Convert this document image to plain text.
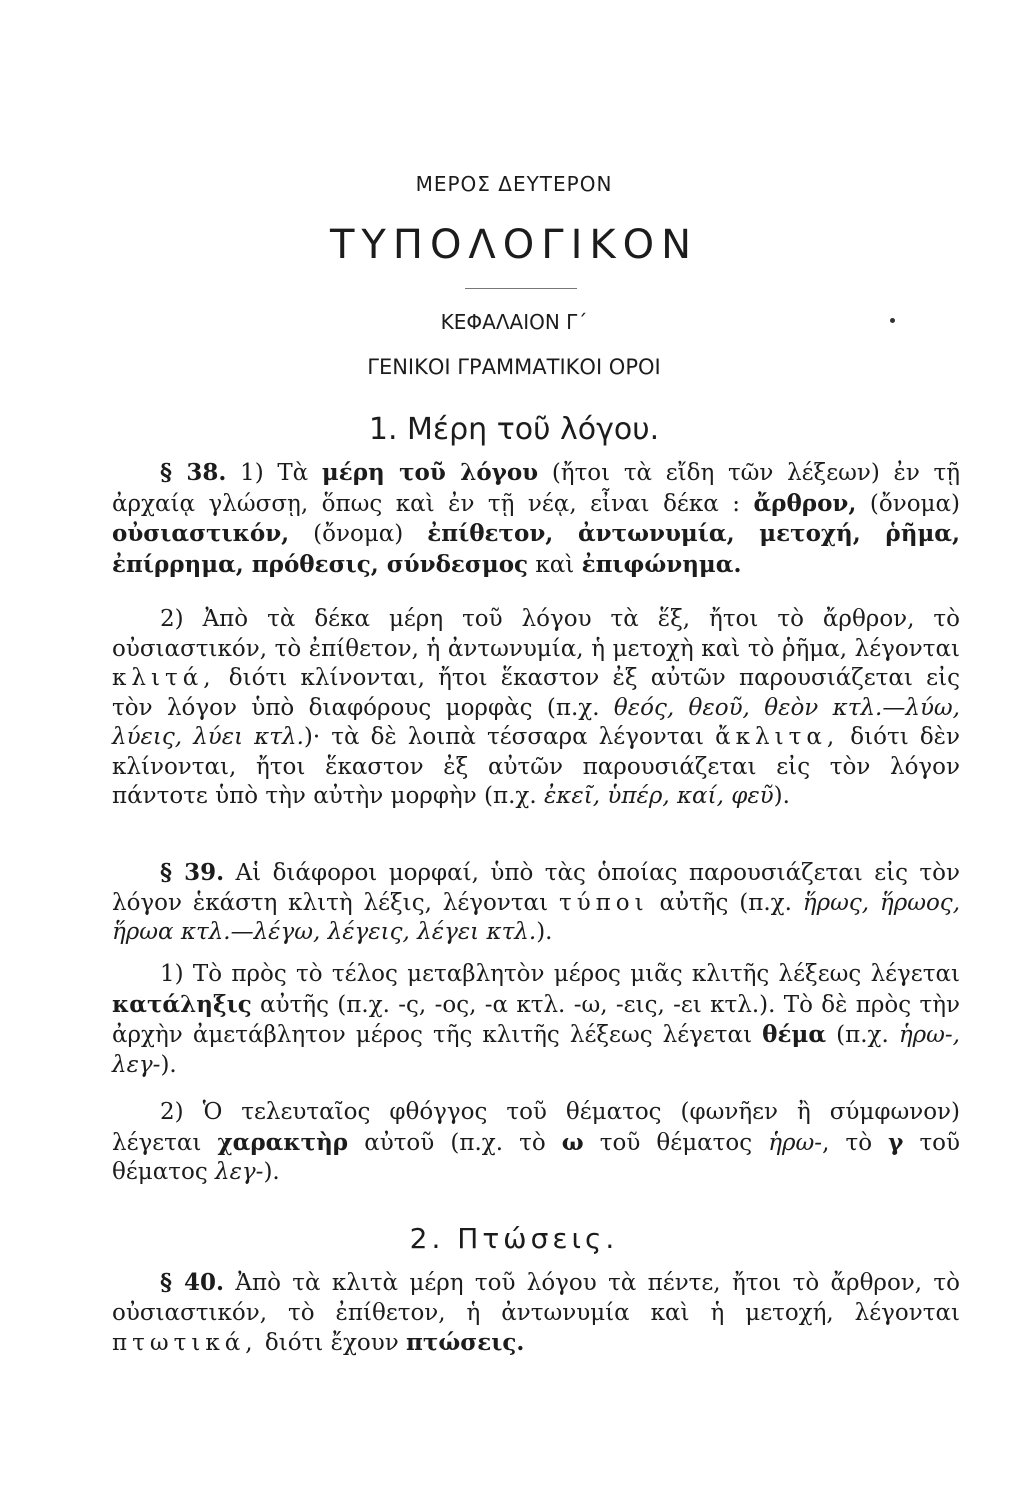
ΜΕΡΟΣ ΔΕΥΤΕΡΟΝ
ΤΥΠΟΛΟΓΙΚΟΝ
ΚΕΦΑΛΑΙΟΝ Γ΄
ΓΕΝΙΚΟΙ ΓΡΑΜΜΑΤΙΚΟΙ ΟΡΟΙ
1. Μέρη τοῦ λόγου.

§ 38. 1) Τὰ μέρη τοῦ λόγου (ἤτοι τὰ εἴδη τῶν λέξεων) ἐν τῇ ἀρχαίᾳ γλώσσῃ, ὅπως καὶ ἐν τῇ νέᾳ, εἶναι δέκα : ἄρθρον, (ὄνομα) οὐσιαστικόν, (ὄνομα) ἐπίθετον, ἀντωνυμία, μετοχή, ῥῆμα, ἐπίρρημα, πρόθεσις, σύνδεσμος καὶ ἐπιφώνημα.

2) Ἀπὸ τὰ δέκα μέρη τοῦ λόγου τὰ ἕξ, ἤτοι τὸ ἄρθρον, τὸ οὐσιαστικόν, τὸ ἐπίθετον, ἡ ἀντωνυμία, ἡ μετοχὴ καὶ τὸ ῥῆμα, λέγονται κλιτά, διότι κλίνονται, ἤτοι ἕκαστον ἐξ αὐτῶν παρουσιάζεται εἰς τὸν λόγον ὑπὸ διαφόρους μορφὰς (π.χ. θεός, θεοῦ, θεὸν κτλ.—λύω, λύεις, λύει κτλ.)· τὰ δὲ λοιπὰ τέσσαρα λέγονται ἄκλιτα, διότι δὲν κλίνονται, ἤτοι ἕκαστον ἐξ αὐτῶν παρουσιάζεται εἰς τὸν λόγον πάντοτε ὑπὸ τὴν αὐτὴν μορφὴν (π.χ. ἐκεῖ, ὑπέρ, καί, φεῦ).

§ 39. Αἱ διάφοροι μορφαί, ὑπὸ τὰς ὁποίας παρουσιάζεται εἰς τὸν λόγον ἑκάστη κλιτὴ λέξις, λέγονται τύποι αὐτῆς (π.χ. ἥρως, ἥρωος, ἥρωα κτλ.—λέγω, λέγεις, λέγει κτλ.).

1) Τὸ πρὸς τὸ τέλος μεταβλητὸν μέρος μιᾶς κλιτῆς λέξεως λέγεται κατάληξις αὐτῆς (π.χ. -ς, -ος, -α κτλ. -ω, -εις, -ει κτλ.). Τὸ δὲ πρὸς τὴν ἀρχὴν ἀμετάβλητον μέρος τῆς κλιτῆς λέξεως λέγεται θέμα (π.χ. ἡρω-, λεγ-).

2) Ὁ τελευταῖος φθόγγος τοῦ θέματος (φωνῆεν ἢ σύμφωνον) λέγεται χαρακτὴρ αὐτοῦ (π.χ. τὸ ω τοῦ θέματος ἡρω-, τὸ γ τοῦ θέματος λεγ-).

2. Πτώσεις.

§ 40. Ἀπὸ τὰ κλιτὰ μέρη τοῦ λόγου τὰ πέντε, ἤτοι τὸ ἄρθρον, τὸ οὐσιαστικόν, τὸ ἐπίθετον, ἡ ἀντωνυμία καὶ ἡ μετοχή, λέγονται πτωτικά, διότι ἔχουν πτώσεις.
